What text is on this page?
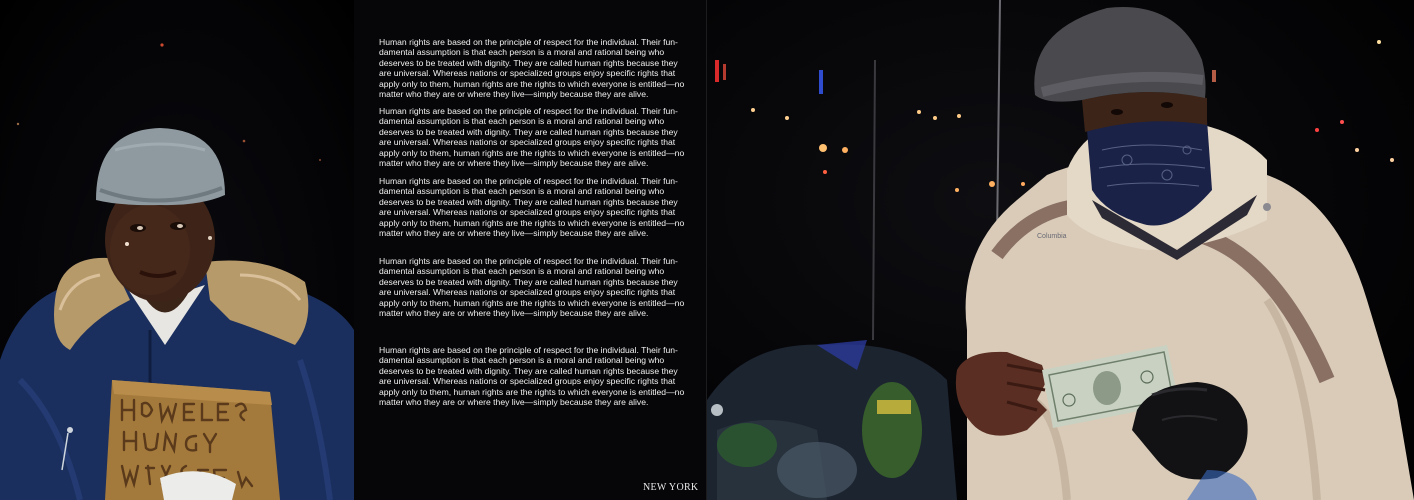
Human rights are based on the principle of respect for the individual. Their fun-damental assumption is that each person is a moral and rational being who deserves to be treated with dignity. They are called human rights because they are universal. Whereas nations or specialized groups enjoy specific rights that apply only to them, human rights are the rights to which everyone is entitled—no matter who they are or where they live—simply because they are alive.

Human rights are based on the principle of respect for the individual. Their fun-damental assumption is that each person is a moral and rational being who deserves to be treated with dignity. They are called human rights because they are universal. Whereas nations or specialized groups enjoy specific rights that apply only to them, human rights are the rights to which everyone is entitled—no matter who they are or where they live—simply because they are alive.

Human rights are based on the principle of respect for the individual. Their fun-damental assumption is that each person is a moral and rational being who deserves to be treated with dignity. They are called human rights because they are universal. Whereas nations or specialized groups enjoy specific rights that apply only to them, human rights are the rights to which everyone is entitled—no matter who they are or where they live—simply because they are alive.

Human rights are based on the principle of respect for the individual. Their fun-damental assumption is that each person is a moral and rational being who deserves to be treated with dignity. They are called human rights because they are universal. Whereas nations or specialized groups enjoy specific rights that apply only to them, human rights are the rights to which everyone is entitled—no matter who they are or where they live—simply because they are alive.

Human rights are based on the principle of respect for the individual. Their fun-damental assumption is that each person is a moral and rational being who deserves to be treated with dignity. They are called human rights because they are universal. Whereas nations or specialized groups enjoy specific rights that apply only to them, human rights are the rights to which everyone is entitled—no matter who they are or where they live—simply because they are alive.

NEW YORK
Columbia
